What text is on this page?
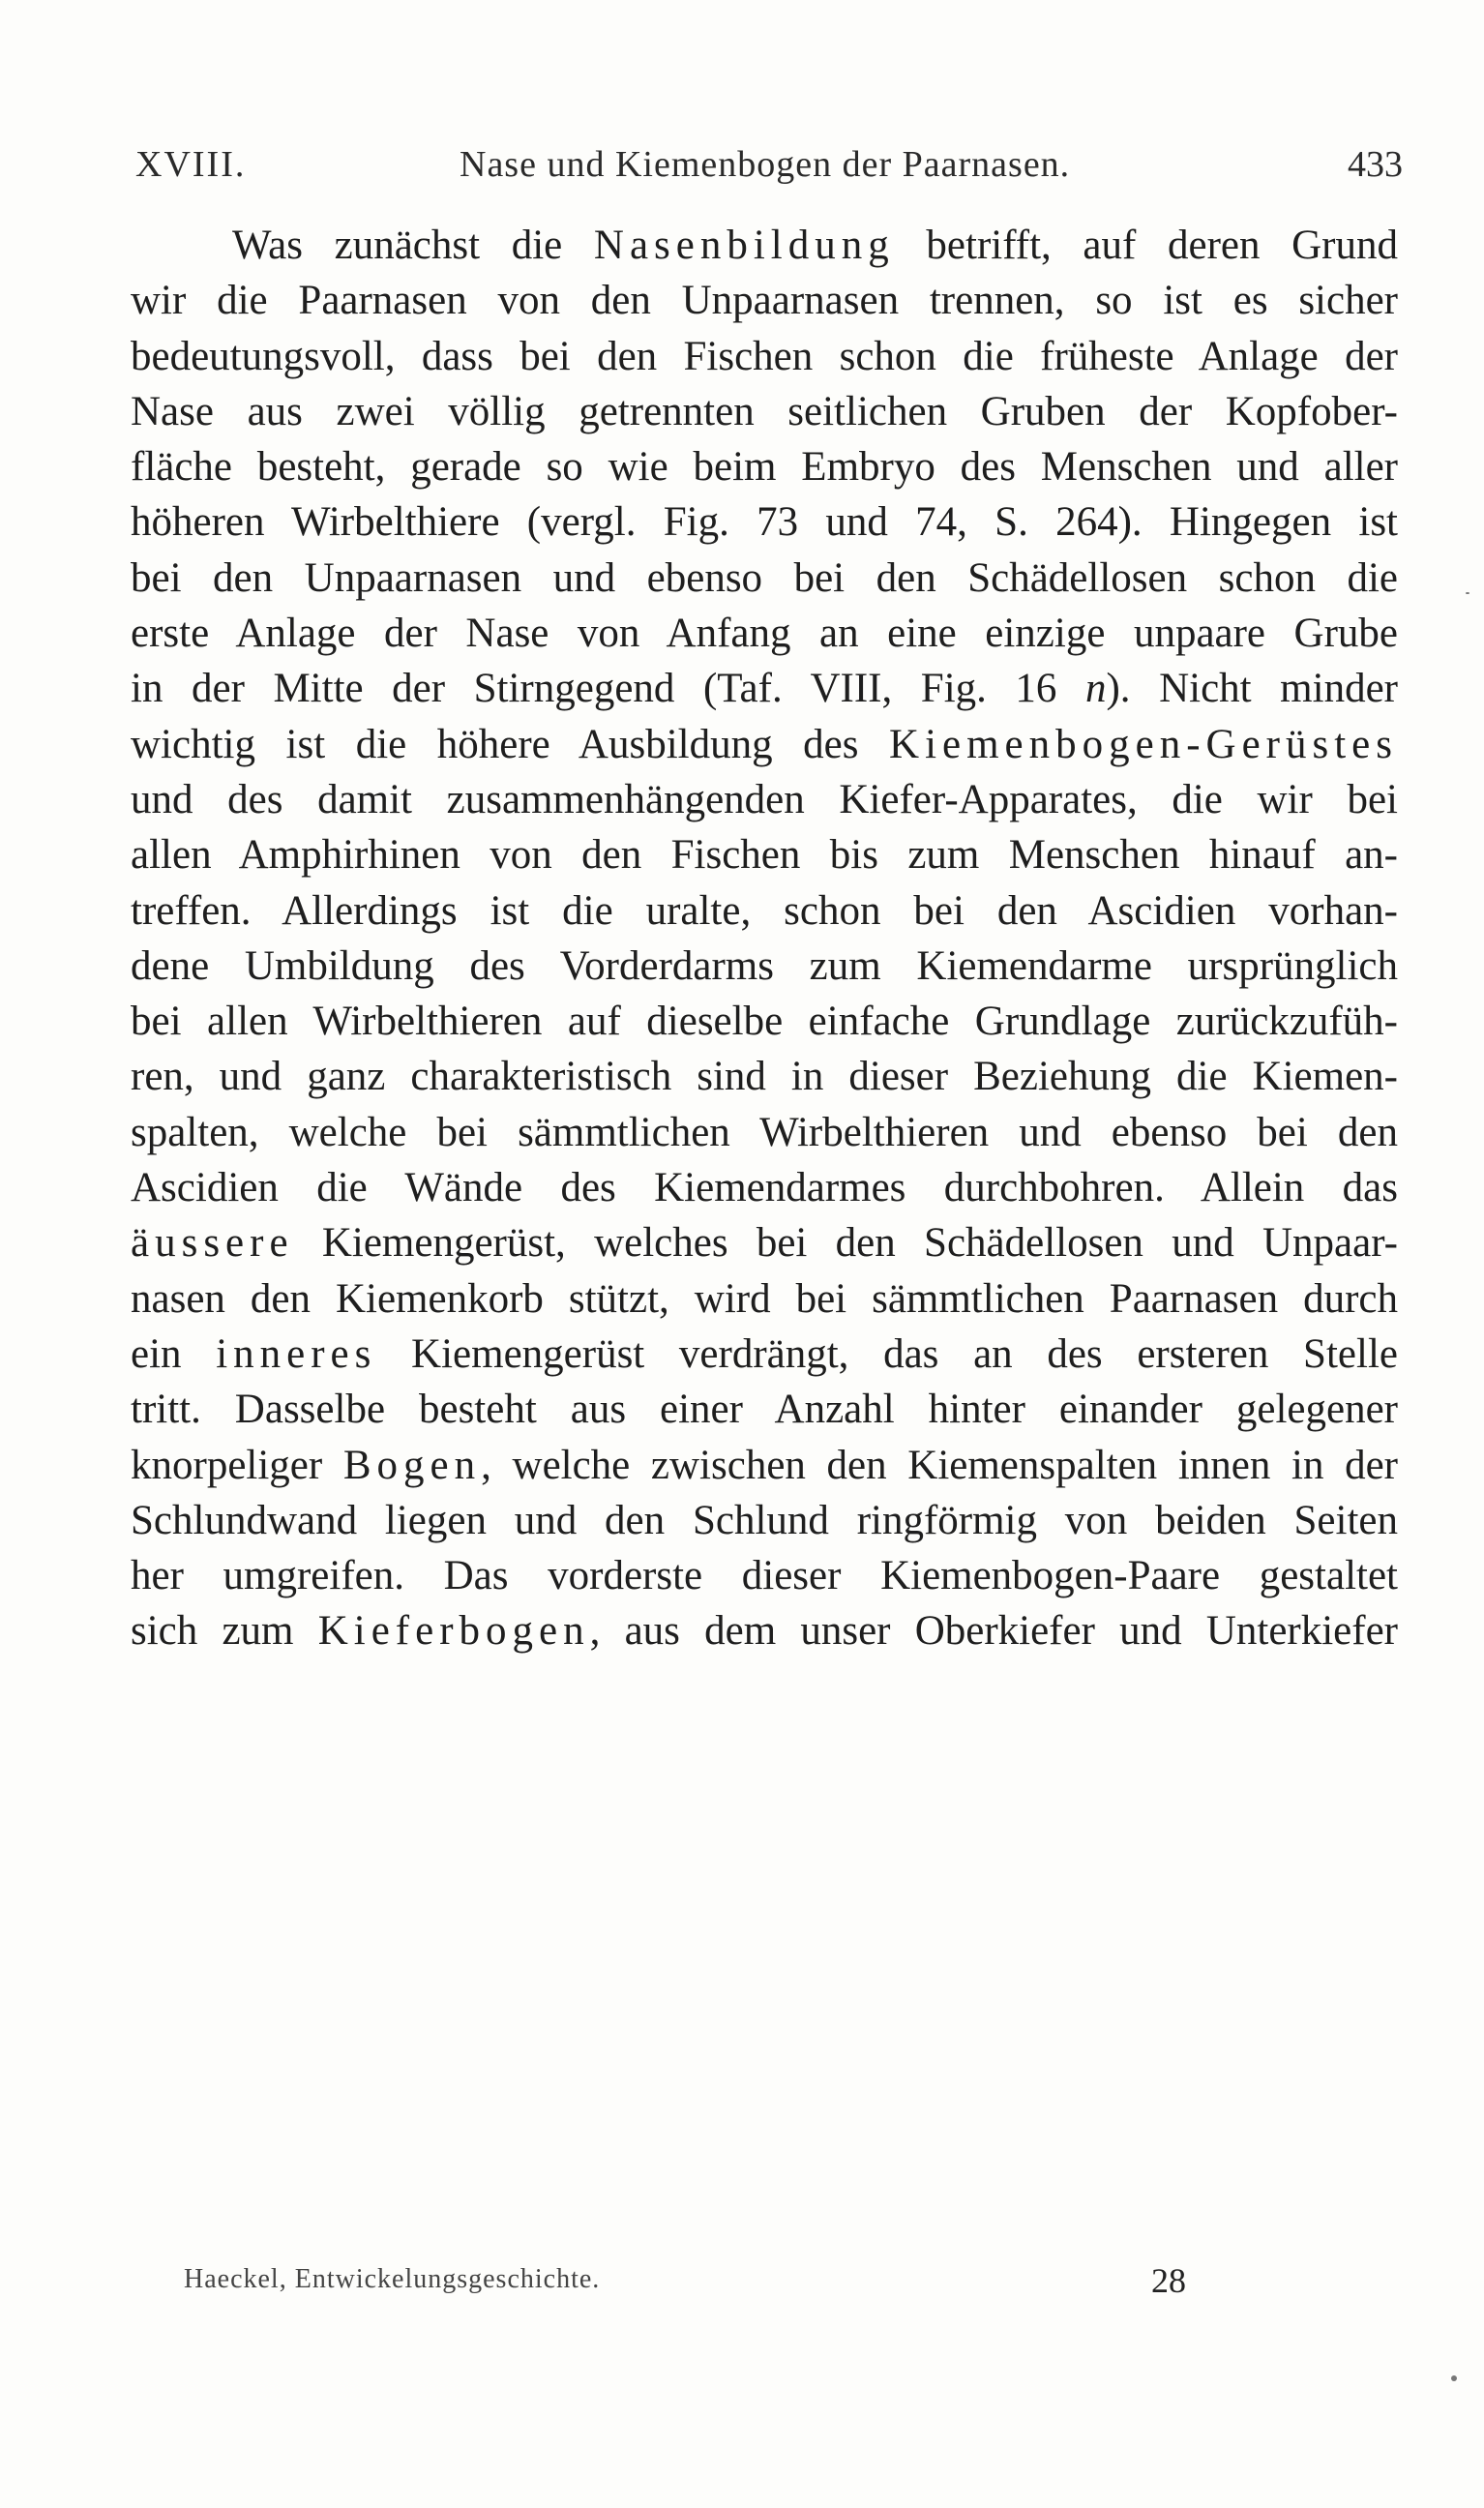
XVIII.	Nase und Kiemenbogen der Paarnasen.	433
Was zunächst die Nasenbildung betrifft, auf deren Grund
wir die Paarnasen von den Unpaarnasen trennen, so ist es sicher
bedeutungsvoll, dass bei den Fischen schon die früheste Anlage der
Nase aus zwei völlig getrennten seitlichen Gruben der Kopfober-
fläche besteht, gerade so wie beim Embryo des Menschen und aller
höheren Wirbelthiere (vergl. Fig. 73 und 74, S. 264). Hingegen ist
bei den Unpaarnasen und ebenso bei den Schädellosen schon die
erste Anlage der Nase von Anfang an eine einzige unpaare Grube
in der Mitte der Stirngegend (Taf. VIII, Fig. 16 n). Nicht minder
wichtig ist die höhere Ausbildung des Kiemenbogen-Gerüstes
und des damit zusammenhängenden Kiefer-Apparates, die wir bei
allen Amphirhinen von den Fischen bis zum Menschen hinauf an-
treffen. Allerdings ist die uralte, schon bei den Ascidien vorhan-
dene Umbildung des Vorderdarms zum Kiemendarme ursprünglich
bei allen Wirbelthieren auf dieselbe einfache Grundlage zurückzufüh-
ren, und ganz charakteristisch sind in dieser Beziehung die Kiemen-
spalten, welche bei sämmtlichen Wirbelthieren und ebenso bei den
Ascidien die Wände des Kiemendarmes durchbohren. Allein das
äussere Kiemengerüst, welches bei den Schädellosen und Unpaar-
nasen den Kiemenkorb stützt, wird bei sämmtlichen Paarnasen durch
ein inneres Kiemengerüst verdrängt, das an des ersteren Stelle
tritt. Dasselbe besteht aus einer Anzahl hinter einander gelegener
knorpeliger Bogen, welche zwischen den Kiemenspalten innen in der
Schlundwand liegen und den Schlund ringförmig von beiden Seiten
her umgreifen. Das vorderste dieser Kiemenbogen-Paare gestaltet
sich zum Kieferbogen, aus dem unser Oberkiefer und Unterkiefer
Haeckel, Entwickelungsgeschichte.	28
